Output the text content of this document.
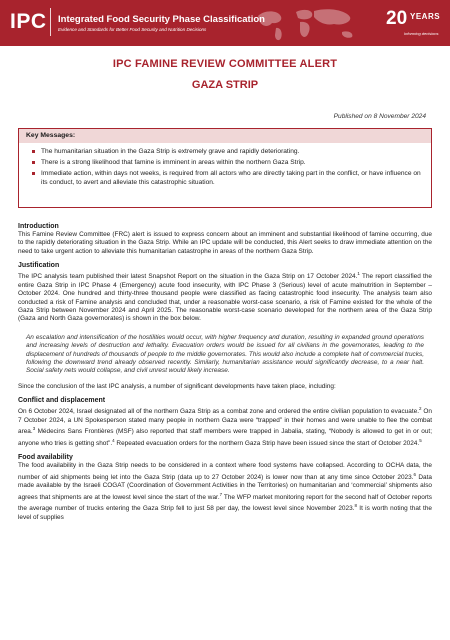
IPC Integrated Food Security Phase Classification
Evidence and Standards for Better Food Security and Nutrition Decisions
20 YEARS
Informing decisions
IPC FAMINE REVIEW COMMITTEE ALERT
GAZA STRIP
Published on 8 November 2024
Key Messages:
The humanitarian situation in the Gaza Strip is extremely grave and rapidly deteriorating.
There is a strong likelihood that famine is imminent in areas within the northern Gaza Strip.
Immediate action, within days not weeks, is required from all actors who are directly taking part in the conflict, or have influence on its conduct, to avert and alleviate this catastrophic situation.
Introduction
This Famine Review Committee (FRC) alert is issued to express concern about an imminent and substantial likelihood of famine occurring, due to the rapidly deteriorating situation in the Gaza Strip. While an IPC update will be conducted, this Alert seeks to draw immediate attention on the need to take urgent action to alleviate this humanitarian catastrophe in areas of the northern Gaza Strip.
Justification
The IPC analysis team published their latest Snapshot Report on the situation in the Gaza Strip on 17 October 2024.$^1$ The report classified the entire Gaza Strip in IPC Phase 4 (Emergency) acute food insecurity, with IPC Phase 3 (Serious) level of acute malnutrition in September – October 2024. One hundred and thirty-three thousand people were classified as facing catastrophic food insecurity. The analysis team also conducted a risk of Famine analysis and concluded that, under a reasonable worst-case scenario, a risk of Famine existed for the whole of the Gaza Strip between November 2024 and April 2025. The reasonable worst-case scenario developed for the northern area of the Gaza Strip (Gaza and North Gaza governorates) is shown in the box below.
An escalation and intensification of the hostilities would occur, with higher frequency and duration, resulting in expanded ground operations and increasing levels of destruction and lethality. Evacuation orders would be issued for all civilians in the governorates, leading to the displacement of hundreds of thousands of people to the middle governorates. This would also include a complete halt of commercial trucks, following the downward trend already observed recently. Similarly, humanitarian assistance would significantly decrease, to a near halt. Social safety nets would collapse, and civil unrest would likely increase.
Since the conclusion of the last IPC analysis, a number of significant developments have taken place, including:
Conflict and displacement
On 6 October 2024, Israel designated all of the northern Gaza Strip as a combat zone and ordered the entire civilian population to evacuate.$^2$ On 7 October 2024, a UN Spokesperson stated many people in northern Gaza were “trapped” in their homes and were unable to flee the combat area.$^3$ Médecins Sans Frontières (MSF) also reported that staff members were trapped in Jabalia, stating, “Nobody is allowed to get in or out; anyone who tries is getting shot”.$^4$ Repeated evacuation orders for the northern Gaza Strip have been issued since the start of October 2024.$^5$
Food availability
The food availability in the Gaza Strip needs to be considered in a context where food systems have collapsed. According to OCHA data, the number of aid shipments being let into the Gaza Strip (data up to 27 October 2024) is lower now than at any time since October 2023.$^6$ Data made available by the Israeli COGAT (Coordination of Government Activities in the Territories) on humanitarian and ‘commercial’ shipments also agrees that shipments are at the lowest level since the start of the war.$^7$ The WFP market monitoring report for the second half of October reports the average number of trucks entering the Gaza Strip fell to just 58 per day, the lowest level since November 2023.$^8$ It is worth noting that the level of supplies
